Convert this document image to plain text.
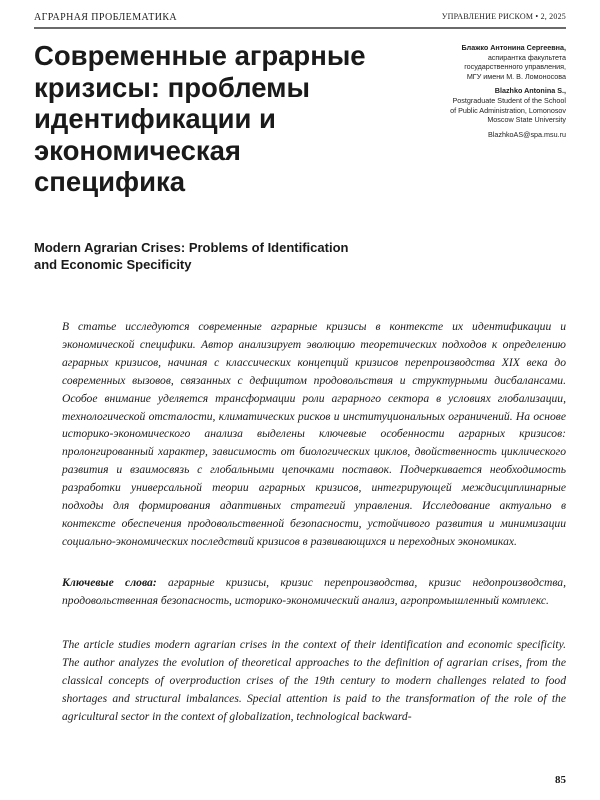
АГРАРНАЯ ПРОБЛЕМАТИКА	УПРАВЛЕНИЕ РИСКОМ • 2, 2025
Современные аграрные кризисы: проблемы идентификации и экономическая специфика
Блажко Антонина Сергеевна,
аспирантка факультета
государственного управления,
МГУ имени М. В. Ломоносова
Blazhko Antonina S.,
Postgraduate Student of the School
of Public Administration, Lomonosov
Moscow State University
BlazhkoAS@spa.msu.ru
Modern Agrarian Crises: Problems of Identification and Economic Specificity

В статье исследуются современные аграрные кризисы в контексте их идентификации и экономической специфики. Автор анализирует эволюцию теоретических подходов к определению аграрных кризисов, начиная с классических концепций кризисов перепроизводства XIX века до современных вызовов, связанных с дефицитом продовольствия и структурными дисбалансами. Особое внимание уделяется трансформации роли аграрного сектора в условиях глобализации, технологической отсталости, климатических рисков и институциональных ограничений. На основе историко-экономического анализа выделены ключевые особенности аграрных кризисов: пролонгированный характер, зависимость от биологических циклов, двойственность циклического развития и взаимосвязь с глобальными цепочками поставок. Подчеркивается необходимость разработки универсальной теории аграрных кризисов, интегрирующей междисциплинарные подходы для формирования адаптивных стратегий управления. Исследование актуально в контексте обеспечения продовольственной безопасности, устойчивого развития и минимизации социально-экономических последствий кризисов в развивающихся и переходных экономиках.

Ключевые слова: аграрные кризисы, кризис перепроизводства, кризис недопроизводства, продовольственная безопасность, историко-экономический анализ, агропромышленный комплекс.

The article studies modern agrarian crises in the context of their identification and economic specificity. The author analyzes the evolution of theoretical approaches to the definition of agrarian crises, from the classical concepts of overproduction crises of the 19th century to modern challenges related to food shortages and structural imbalances. Special attention is paid to the transformation of the role of the agricultural sector in the context of globalization, technological backward-

85
